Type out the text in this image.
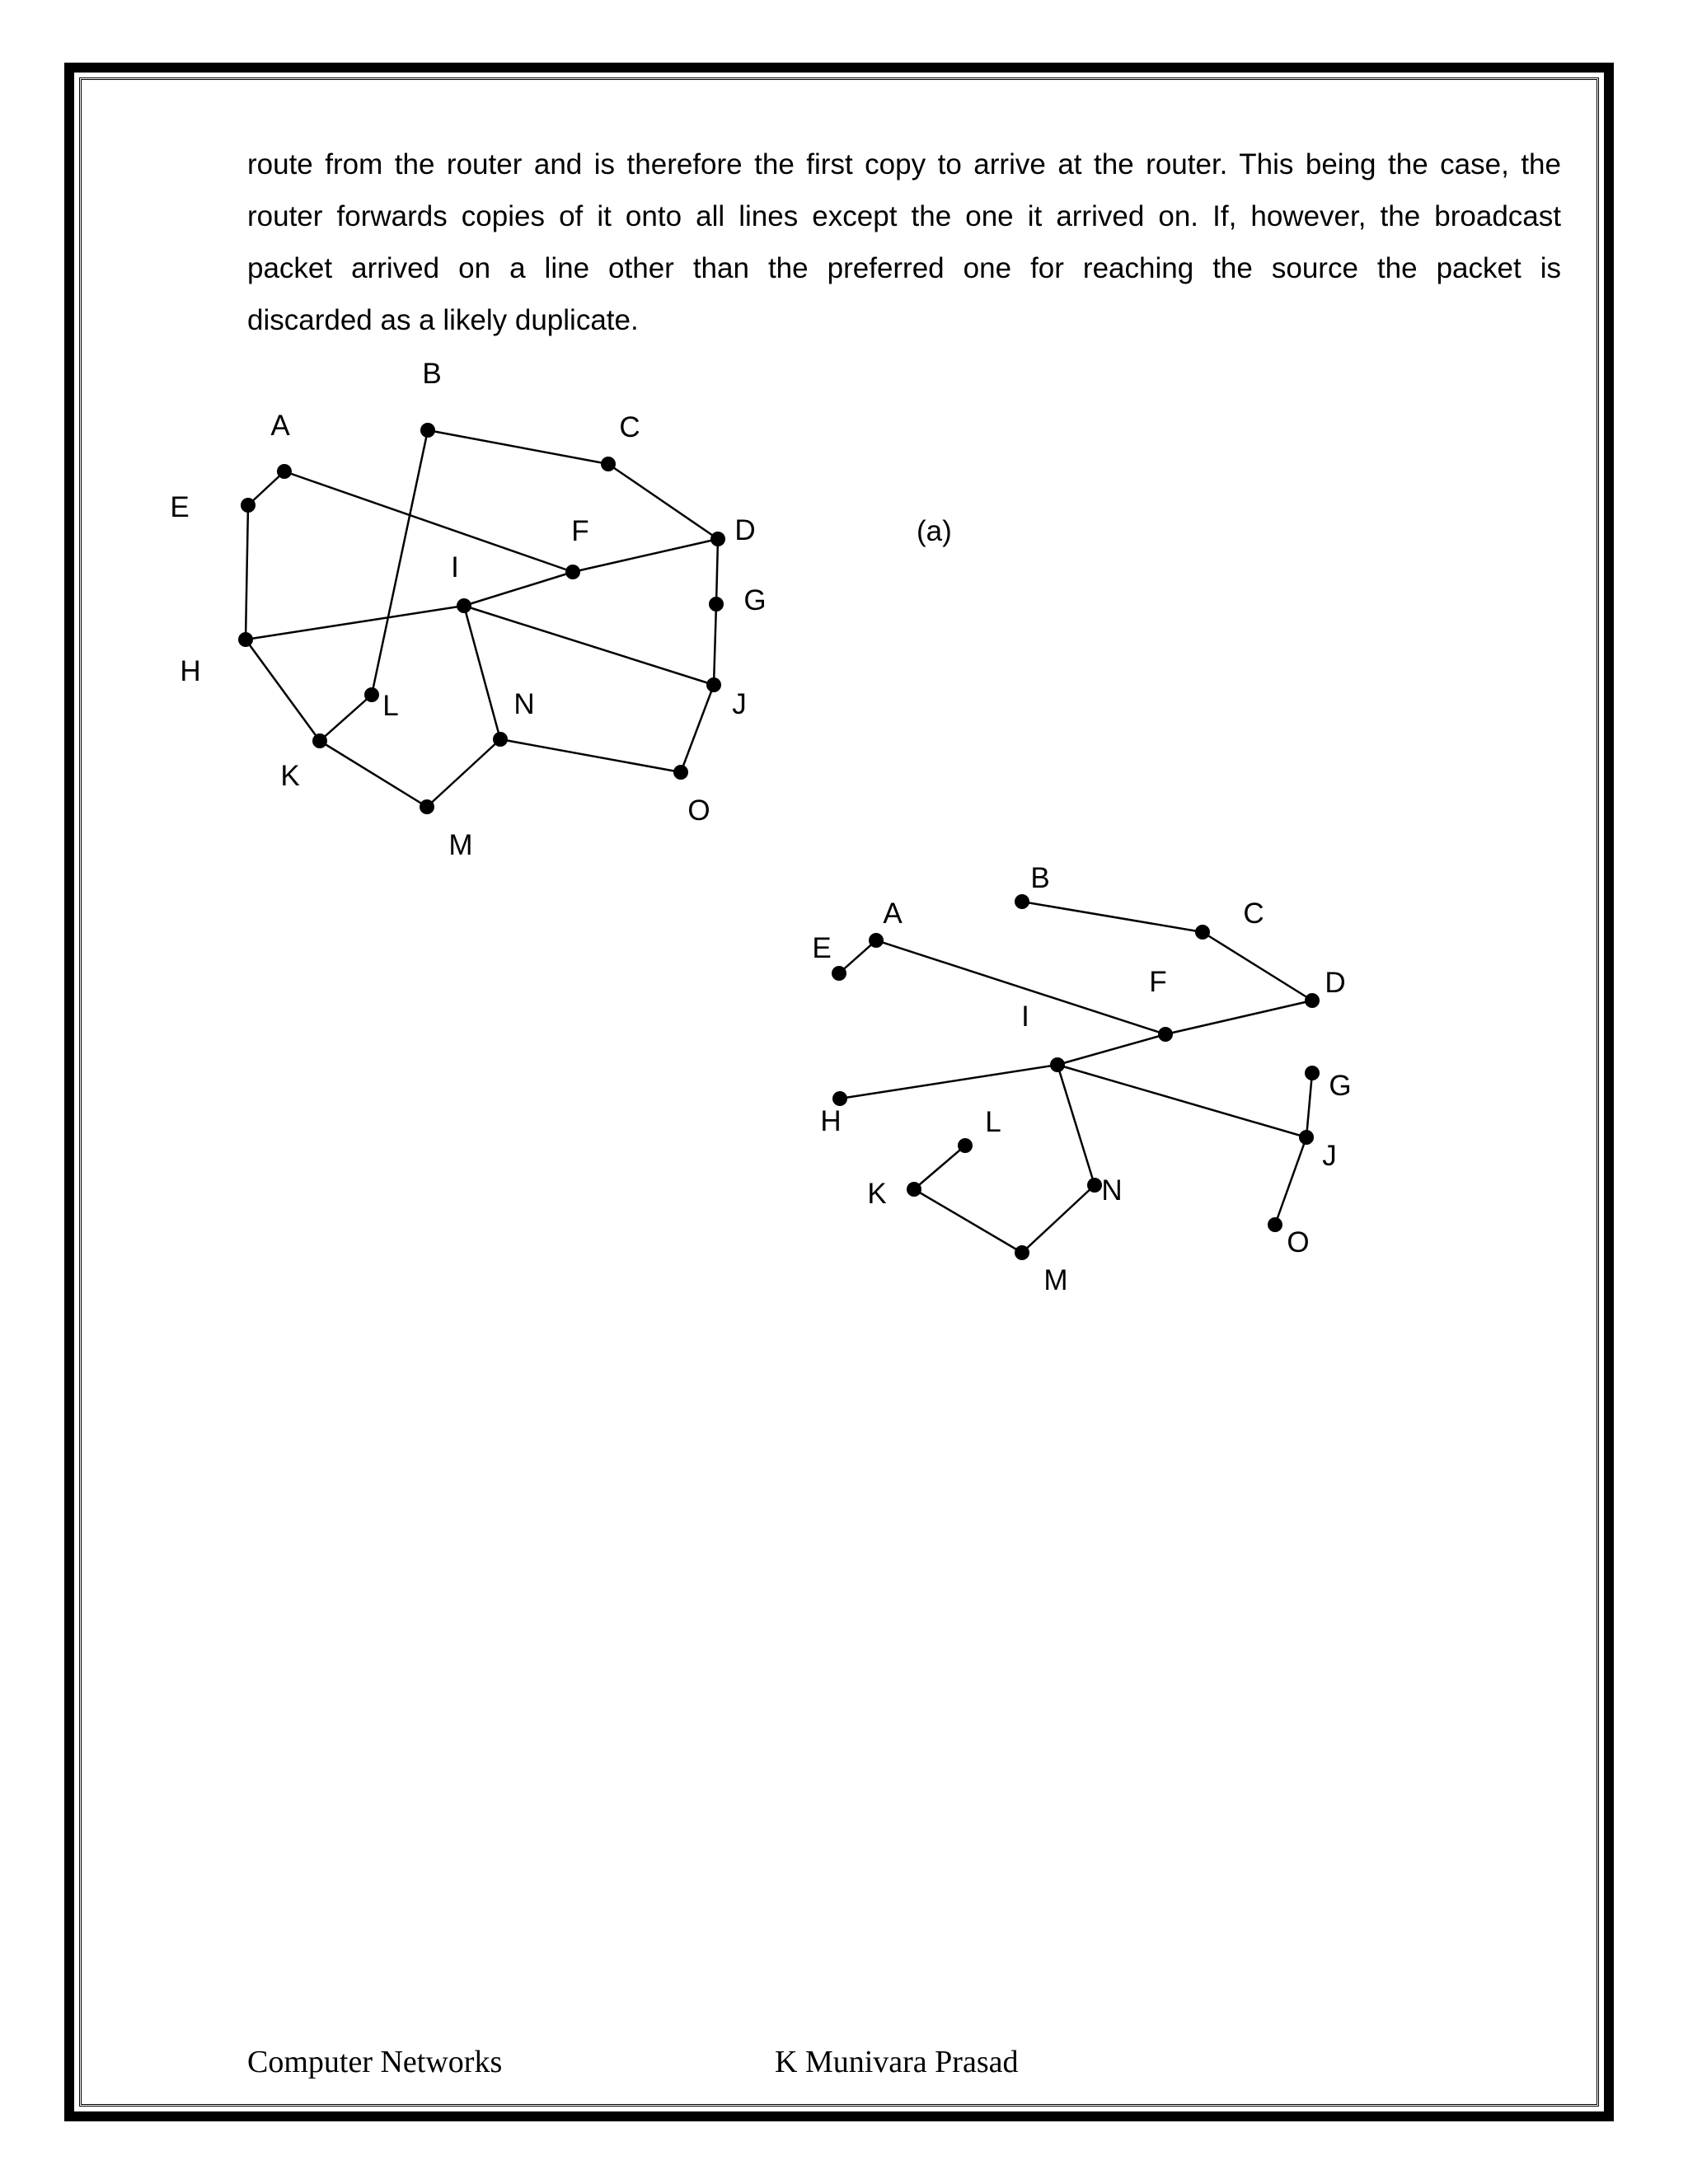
route from the router and is therefore the first copy to arrive at the router. This being the case, the
router forwards copies of it onto all lines except the one it arrived on. If, however, the broadcast
packet arrived on a line other than the preferred one for reaching the source the packet is
discarded as a likely duplicate.
A
B
C
D
E
F
G
H
I
J
K
L
M
N
O
(a)
A
B
C
D
E
F
G
H
I
J
K
L
M
N
O
Computer Networks	K Munivara Prasad
